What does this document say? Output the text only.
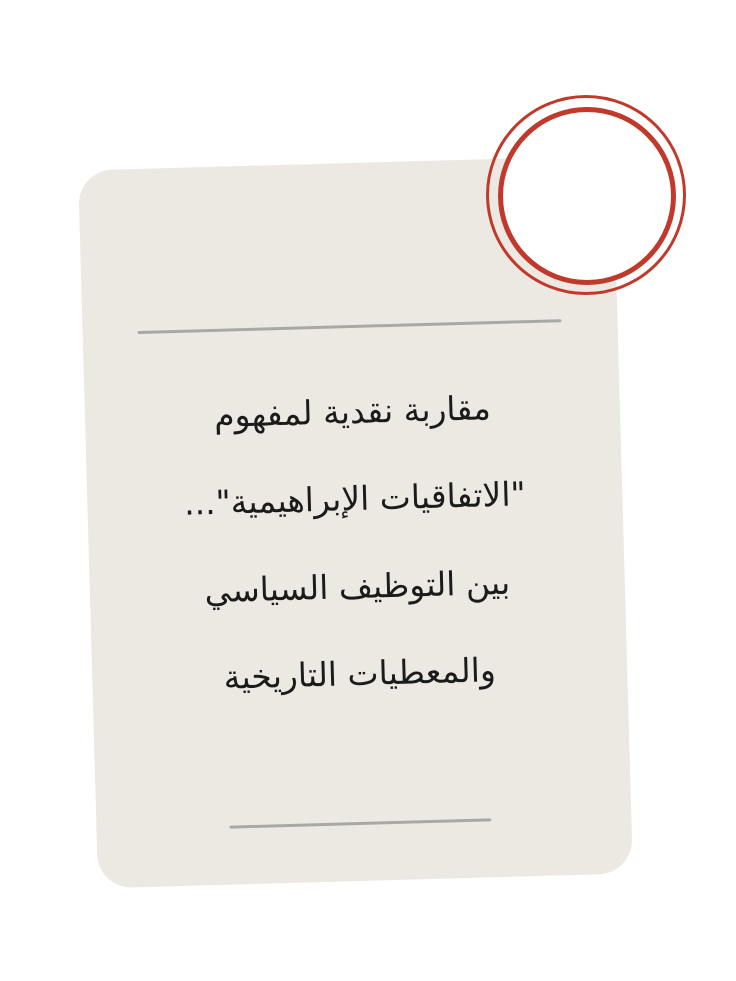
مقاربة نقدية لمفهوم
"الاتفاقيات الإبراهيمية"...
بين التوظيف السياسي
والمعطيات التاريخية
